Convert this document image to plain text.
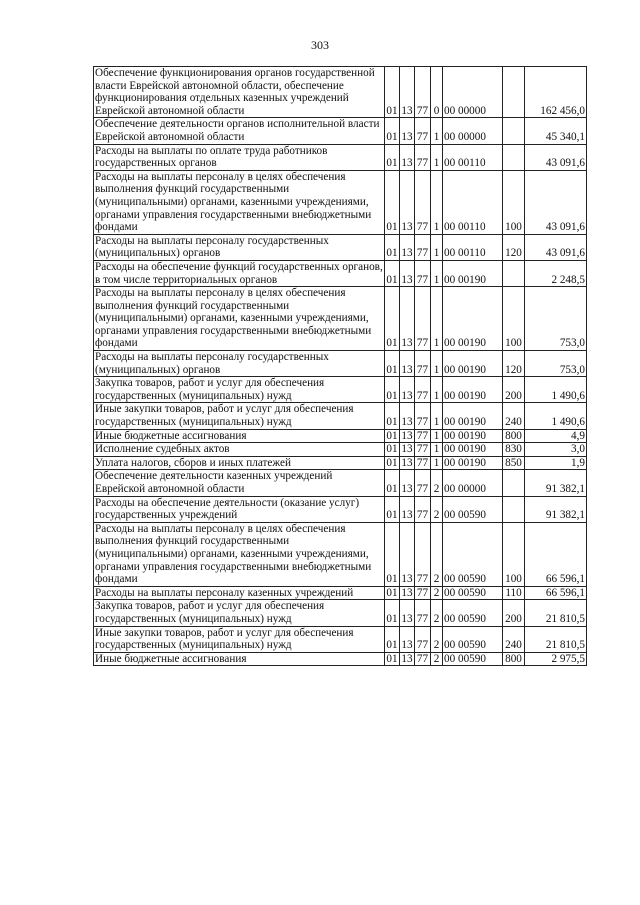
303
Обеспечение функционирования органов государственной власти Еврейской автономной области, обеспечение функционирования отдельных казенных учреждений Еврейской автономной области	01	13	77	0	00 00000		162 456,0
Обеспечение деятельности органов исполнительной власти Еврейской автономной области	01	13	77	1	00 00000		45 340,1
Расходы на выплаты по оплате труда работников государственных органов	01	13	77	1	00 00110		43 091,6
Расходы на выплаты персоналу в целях обеспечения выполнения функций государственными (муниципальными) органами, казенными учреждениями, органами управления государственными внебюджетными фондами	01	13	77	1	00 00110	100	43 091,6
Расходы на выплаты персоналу государственных (муниципальных) органов	01	13	77	1	00 00110	120	43 091,6
Расходы на обеспечение функций государственных органов, в том числе территориальных органов	01	13	77	1	00 00190		2 248,5
Расходы на выплаты персоналу в целях обеспечения выполнения функций государственными (муниципальными) органами, казенными учреждениями, органами управления государственными внебюджетными фондами	01	13	77	1	00 00190	100	753,0
Расходы на выплаты персоналу государственных (муниципальных) органов	01	13	77	1	00 00190	120	753,0
Закупка товаров, работ и услуг для обеспечения государственных (муниципальных) нужд	01	13	77	1	00 00190	200	1 490,6
Иные закупки товаров, работ и услуг для обеспечения государственных (муниципальных) нужд	01	13	77	1	00 00190	240	1 490,6
Иные бюджетные ассигнования	01	13	77	1	00 00190	800	4,9
Исполнение судебных актов	01	13	77	1	00 00190	830	3,0
Уплата налогов, сборов и иных платежей	01	13	77	1	00 00190	850	1,9
Обеспечение деятельности казенных учреждений Еврейской автономной области	01	13	77	2	00 00000		91 382,1
Расходы на обеспечение деятельности (оказание услуг) государственных учреждений	01	13	77	2	00 00590		91 382,1
Расходы на выплаты персоналу в целях обеспечения выполнения функций государственными (муниципальными) органами, казенными учреждениями, органами управления государственными внебюджетными фондами	01	13	77	2	00 00590	100	66 596,1
Расходы на выплаты персоналу казенных учреждений	01	13	77	2	00 00590	110	66 596,1
Закупка товаров, работ и услуг для обеспечения государственных (муниципальных) нужд	01	13	77	2	00 00590	200	21 810,5
Иные закупки товаров, работ и услуг для обеспечения государственных (муниципальных) нужд	01	13	77	2	00 00590	240	21 810,5
Иные бюджетные ассигнования	01	13	77	2	00 00590	800	2 975,5
